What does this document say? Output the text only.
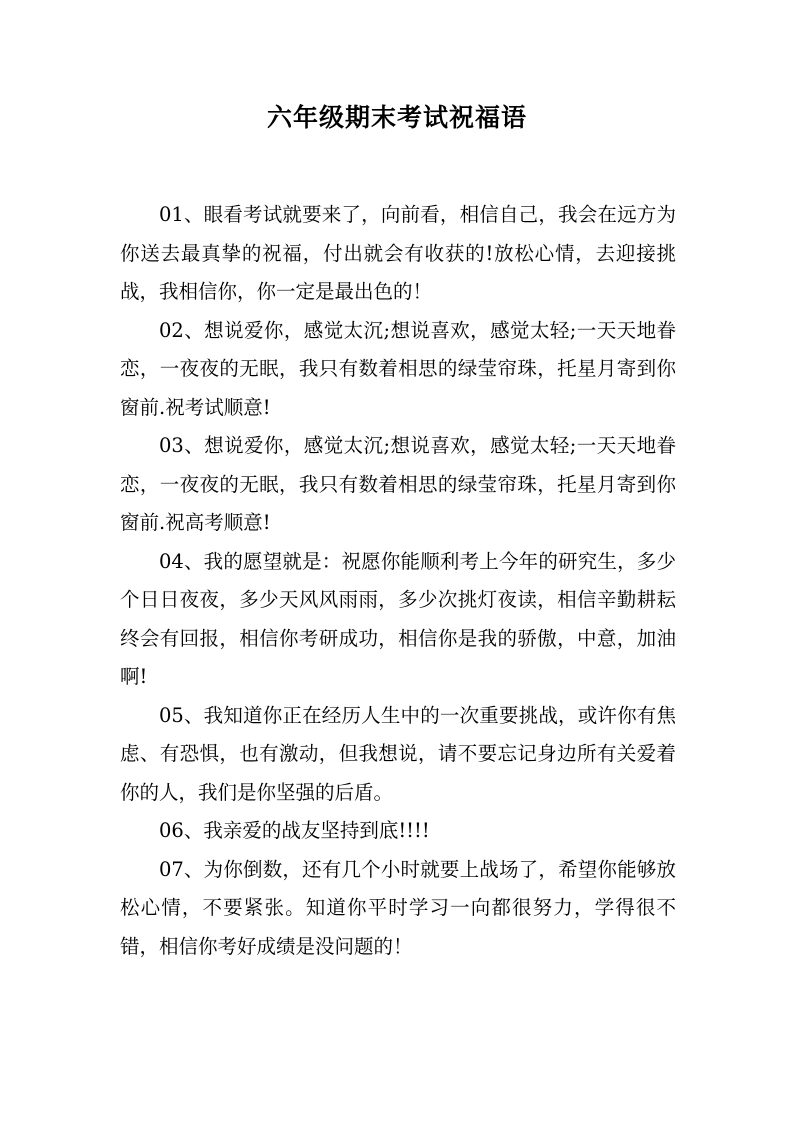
六年级期末考试祝福语

01、眼看考试就要来了，向前看，相信自己，我会在远方为你送去最真挚的祝福，付出就会有收获的!放松心情，去迎接挑战，我相信你，你一定是最出色的！

02、想说爱你，感觉太沉;想说喜欢，感觉太轻;一天天地眷恋，一夜夜的无眠，我只有数着相思的绿莹帘珠，托星月寄到你窗前.祝考试顺意!

03、想说爱你，感觉太沉;想说喜欢，感觉太轻;一天天地眷恋，一夜夜的无眠，我只有数着相思的绿莹帘珠，托星月寄到你窗前.祝高考顺意!

04、我的愿望就是：祝愿你能顺利考上今年的研究生，多少个日日夜夜，多少天风风雨雨，多少次挑灯夜读，相信辛勤耕耘终会有回报，相信你考研成功，相信你是我的骄傲，中意，加油啊!

05、我知道你正在经历人生中的一次重要挑战，或许你有焦虑、有恐惧，也有激动，但我想说，请不要忘记身边所有关爱着你的人，我们是你坚强的后盾。

06、我亲爱的战友坚持到底!!!!

07、为你倒数，还有几个小时就要上战场了，希望你能够放松心情，不要紧张。知道你平时学习一向都很努力，学得很不错，相信你考好成绩是没问题的！
